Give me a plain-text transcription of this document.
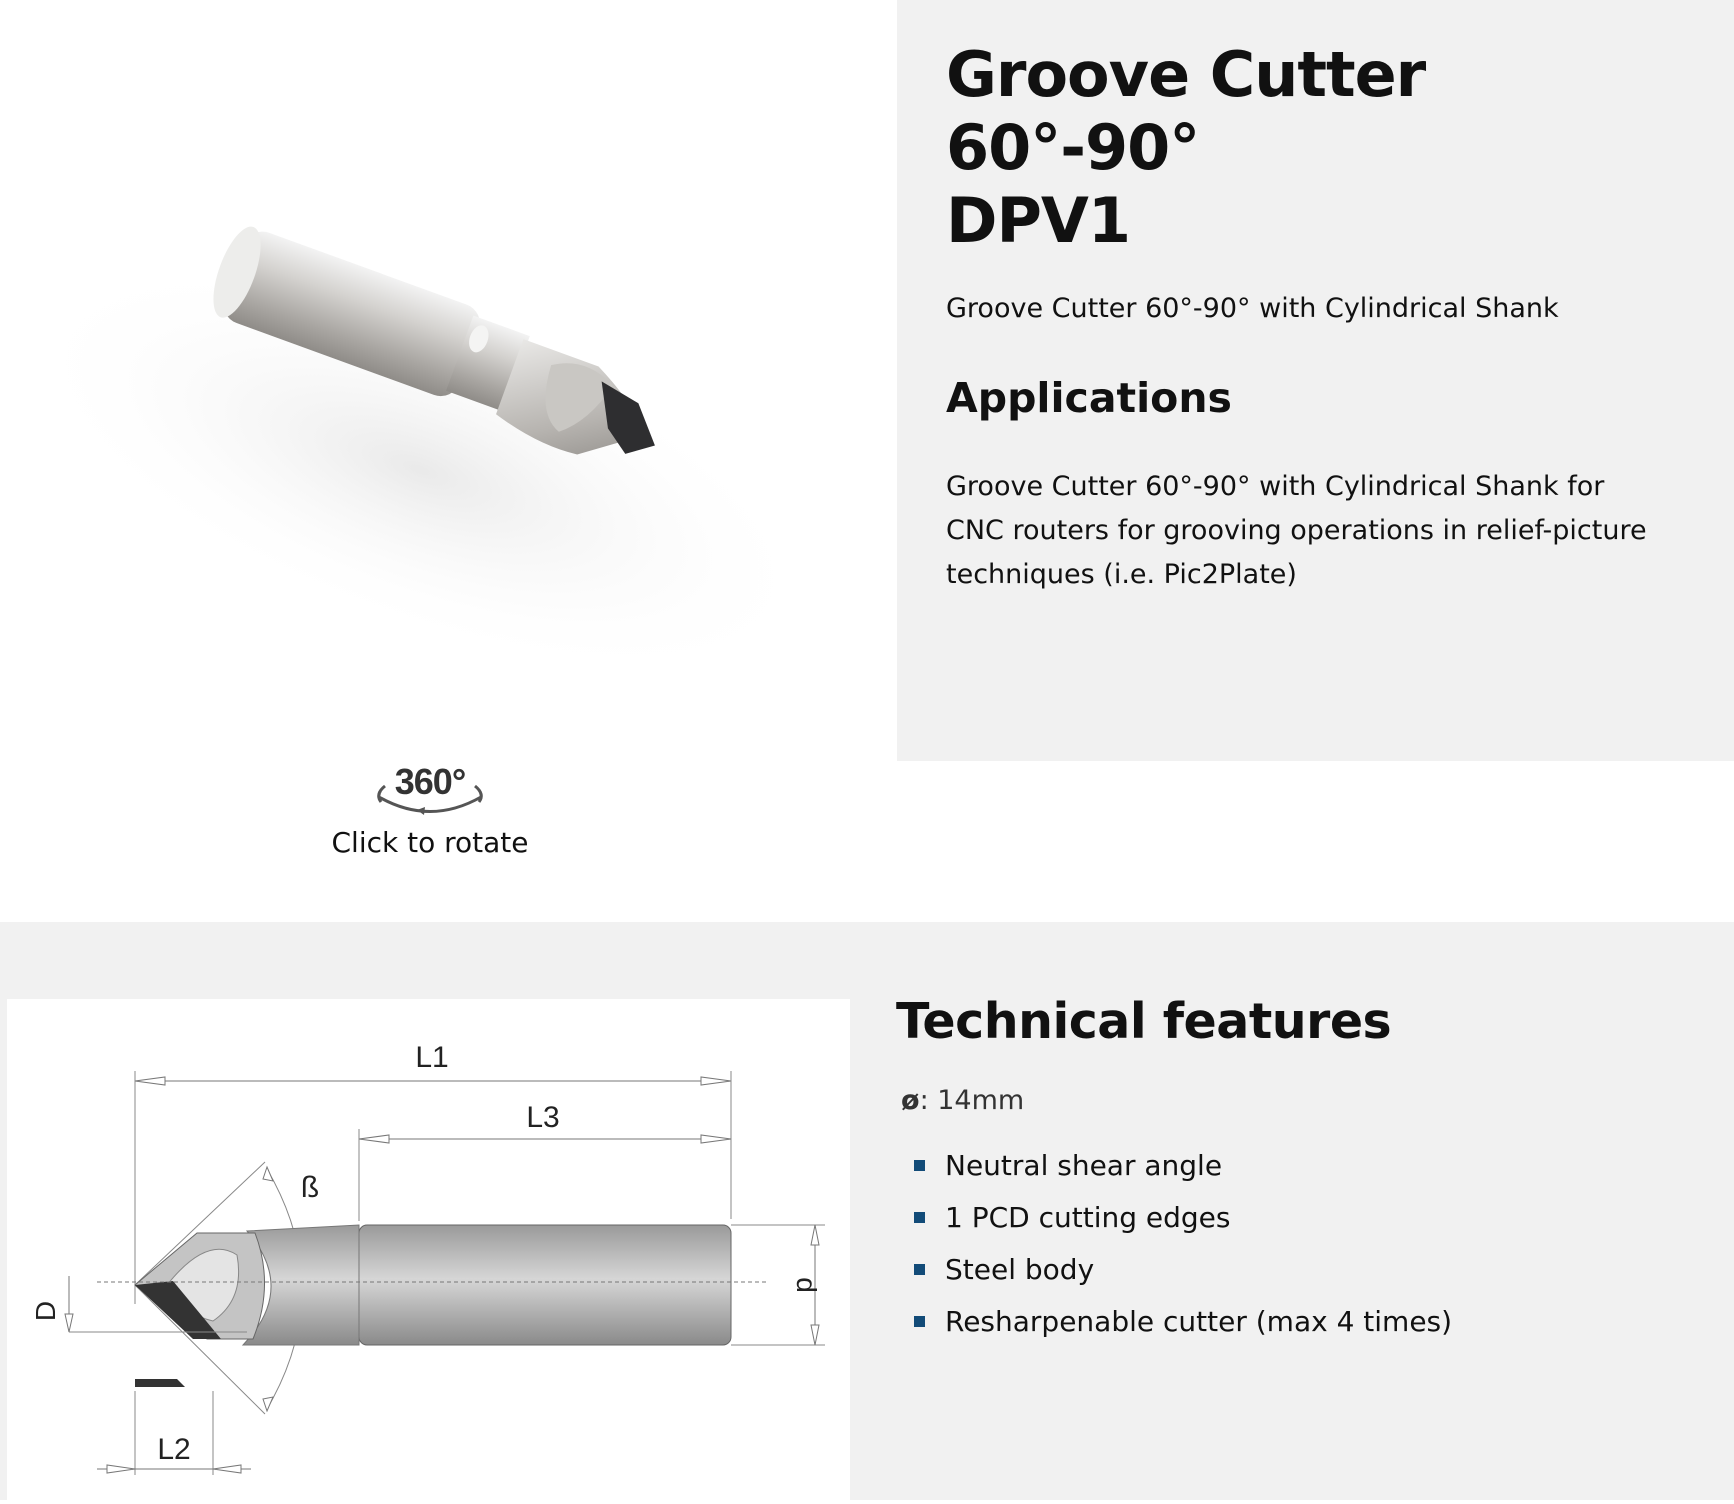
360°
Click to rotate
Groove Cutter 60°-90°
DPV1

Groove Cutter 60°-90° with Cylindrical Shank

Applications

Groove Cutter 60°-90° with Cylindrical Shank for CNC routers for grooving operations in relief-picture techniques (i.e. Pic2Plate)

L1
L3
ß
D
d
L2
Technical features
ø: 14mm
Neutral shear angle
1 PCD cutting edges
Steel body
Resharpenable cutter (max 4 times)
